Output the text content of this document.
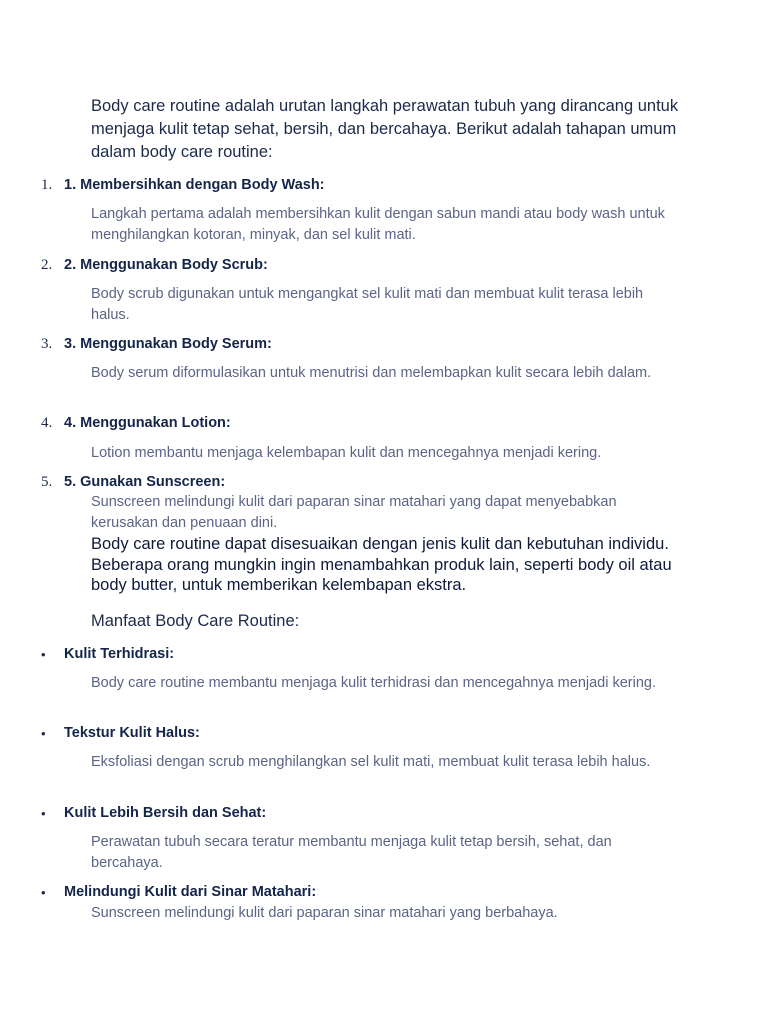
Body care routine adalah urutan langkah perawatan tubuh yang dirancang untuk menjaga kulit tetap sehat, bersih, dan bercahaya. Berikut adalah tahapan umum dalam body care routine:

1. 1. Membersihkan dengan Body Wash:

Langkah pertama adalah membersihkan kulit dengan sabun mandi atau body wash untuk menghilangkan kotoran, minyak, dan sel kulit mati.

2. 2. Menggunakan Body Scrub:

Body scrub digunakan untuk mengangkat sel kulit mati dan membuat kulit terasa lebih halus.

3. 3. Menggunakan Body Serum:

Body serum diformulasikan untuk menutrisi dan melembapkan kulit secara lebih dalam.

4. 4. Menggunakan Lotion:

Lotion membantu menjaga kelembapan kulit dan mencegahnya menjadi kering.

5. 5. Gunakan Sunscreen:

Sunscreen melindungi kulit dari paparan sinar matahari yang dapat menyebabkan kerusakan dan penuaan dini.

Body care routine dapat disesuaikan dengan jenis kulit dan kebutuhan individu. Beberapa orang mungkin ingin menambahkan produk lain, seperti body oil atau body butter, untuk memberikan kelembapan ekstra.

Manfaat Body Care Routine:

• Kulit Terhidrasi:

Body care routine membantu menjaga kulit terhidrasi dan mencegahnya menjadi kering.

• Tekstur Kulit Halus:

Eksfoliasi dengan scrub menghilangkan sel kulit mati, membuat kulit terasa lebih halus.

• Kulit Lebih Bersih dan Sehat:

Perawatan tubuh secara teratur membantu menjaga kulit tetap bersih, sehat, dan bercahaya.

• Melindungi Kulit dari Sinar Matahari:

Sunscreen melindungi kulit dari paparan sinar matahari yang berbahaya.
